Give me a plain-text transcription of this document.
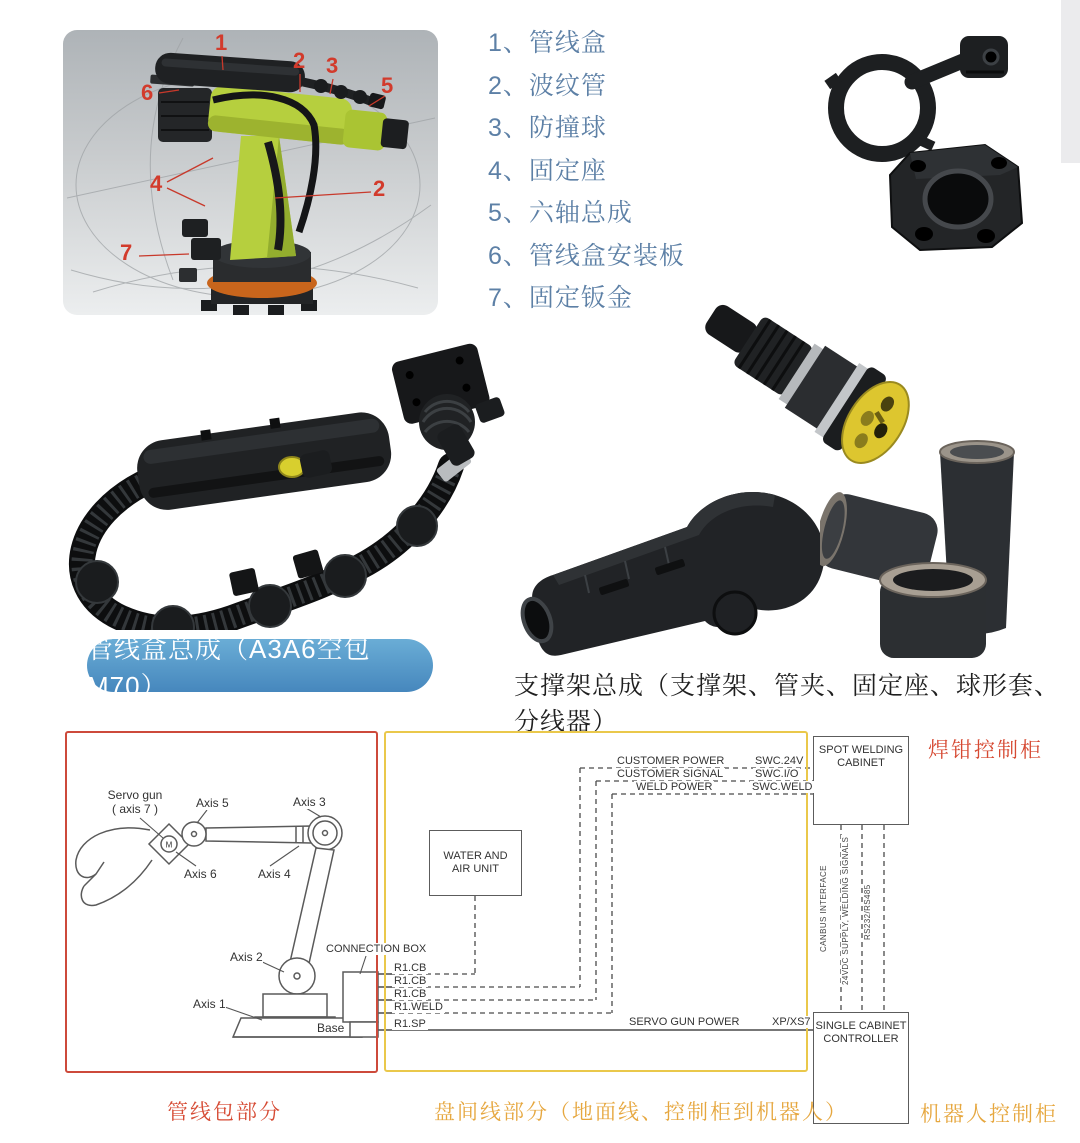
1
2 3
5
6
4	2
7
1、管线盒
2、波纹管
3、防撞球
4、固定座
5、六轴总成
6、管线盒安装板
7、固定钣金
管线盒总成（A3A6空包M70）	支撑架总成（支撑架、管夹、固定座、球形套、分线器）
M
WATER AND
AIR UNIT
SPOT WELDING
CABINET
SINGLE CABINET
CONTROLLER
Servo gun
( axis 7 )	Axis 5	Axis 3
Axis 6	Axis 4
Axis 2
Axis 1
Base
CONNECTION BOX
CUSTOMER POWER	SWC.24V
CUSTOMER SIGNAL	SWC.I/O
WELD POWER	SWC.WELD
R1.CB
R1.CB
R1.CB
R1.WELD
R1.SP	SERVO GUN POWER	XP/XS7
CANBUS INTERFACE 24VDC SUPPLY, WELDING SIGNALS RS232/RS485
焊钳控制柜
管线包部分	盘间线部分（地面线、控制柜到机器人）	机器人控制柜
